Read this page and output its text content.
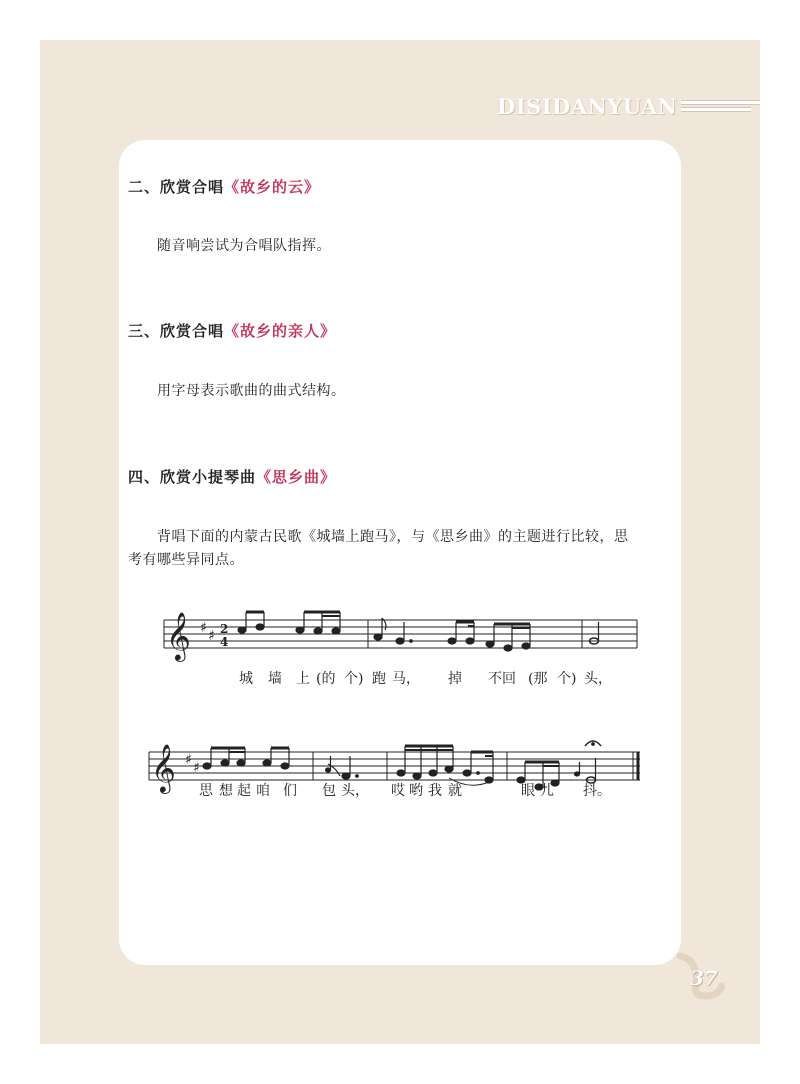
DISIDANYUAN
二、欣赏合唱《故乡的云》
随音响尝试为合唱队指挥。
三、欣赏合唱《故乡的亲人》
用字母表示歌曲的曲式结构。
四、欣赏小提琴曲《思乡曲》
背唱下面的内蒙古民歌《城墙上跑马》，与《思乡曲》的主题进行比较，思
考有哪些异同点。
𝄞 ♯ ♯ 2
4
城 墙 上 (的 个) 跑 马， 掉 不回 (那 个) 头，
𝄞 ♯ ♯
思 想 起 咱 们 包 头， 哎 哟 我 就	眼 儿 抖。
37
